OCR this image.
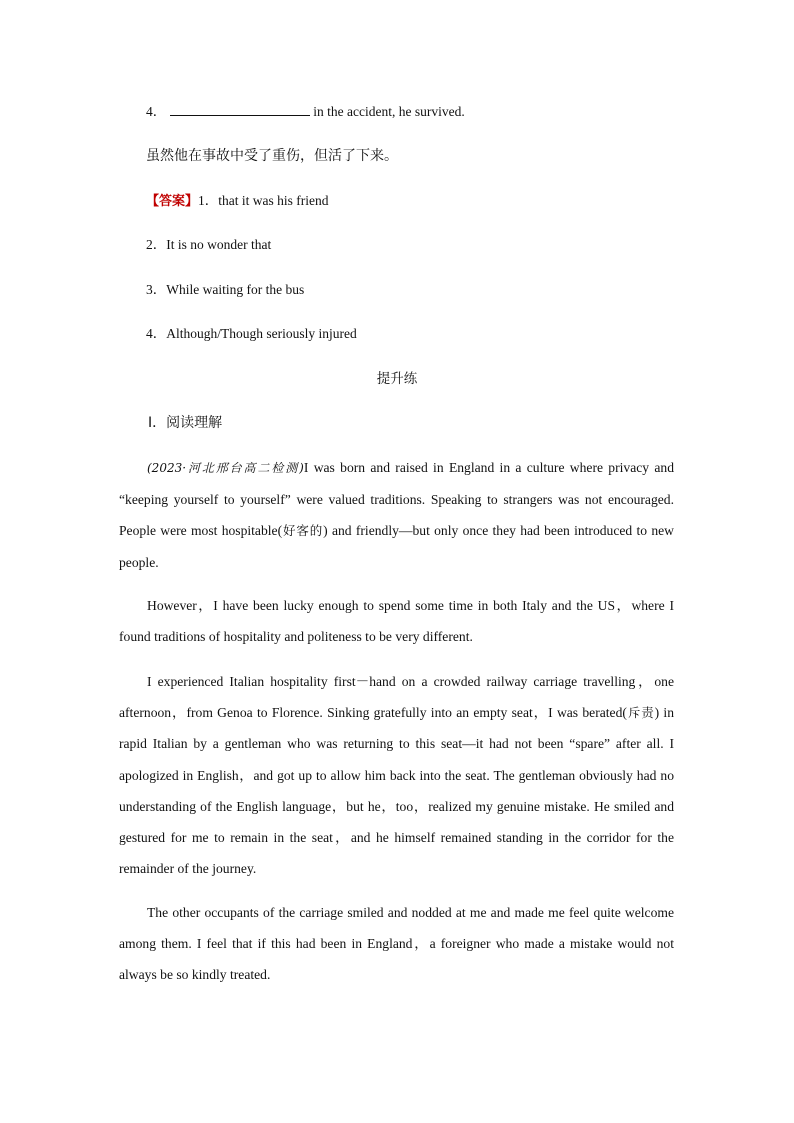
4．	in the accident, he survived.
虽然他在事故中受了重伤，但活了下来。
【答案】1．that it was his friend
2．It is no wonder that
3．While waiting for the bus
4．Although/Though seriously injured
提升练
Ⅰ．阅读理解
(2023·河北邢台高二检测)I was born and raised in England in a culture where privacy and “keeping yourself to yourself” were valued traditions. Speaking to strangers was not encouraged. People were most hospitable(好客的) and friendly—but only once they had been introduced to new people.
However，I have been lucky enough to spend some time in both Italy and the US，where I found traditions of hospitality and politeness to be very different.
I experienced Italian hospitality first－hand on a crowded railway carriage travelling，one afternoon，from Genoa to Florence. Sinking gratefully into an empty seat，I was berated(斥责) in rapid Italian by a gentleman who was returning to this seat—it had not been “spare” after all. I apologized in English，and got up to allow him back into the seat. The gentleman obviously had no understanding of the English language，but he，too，realized my genuine mistake. He smiled and gestured for me to remain in the seat，and he himself remained standing in the corridor for the remainder of the journey.
The other occupants of the carriage smiled and nodded at me and made me feel quite welcome among them. I feel that if this had been in England，a foreigner who made a mistake would not always be so kindly treated.
